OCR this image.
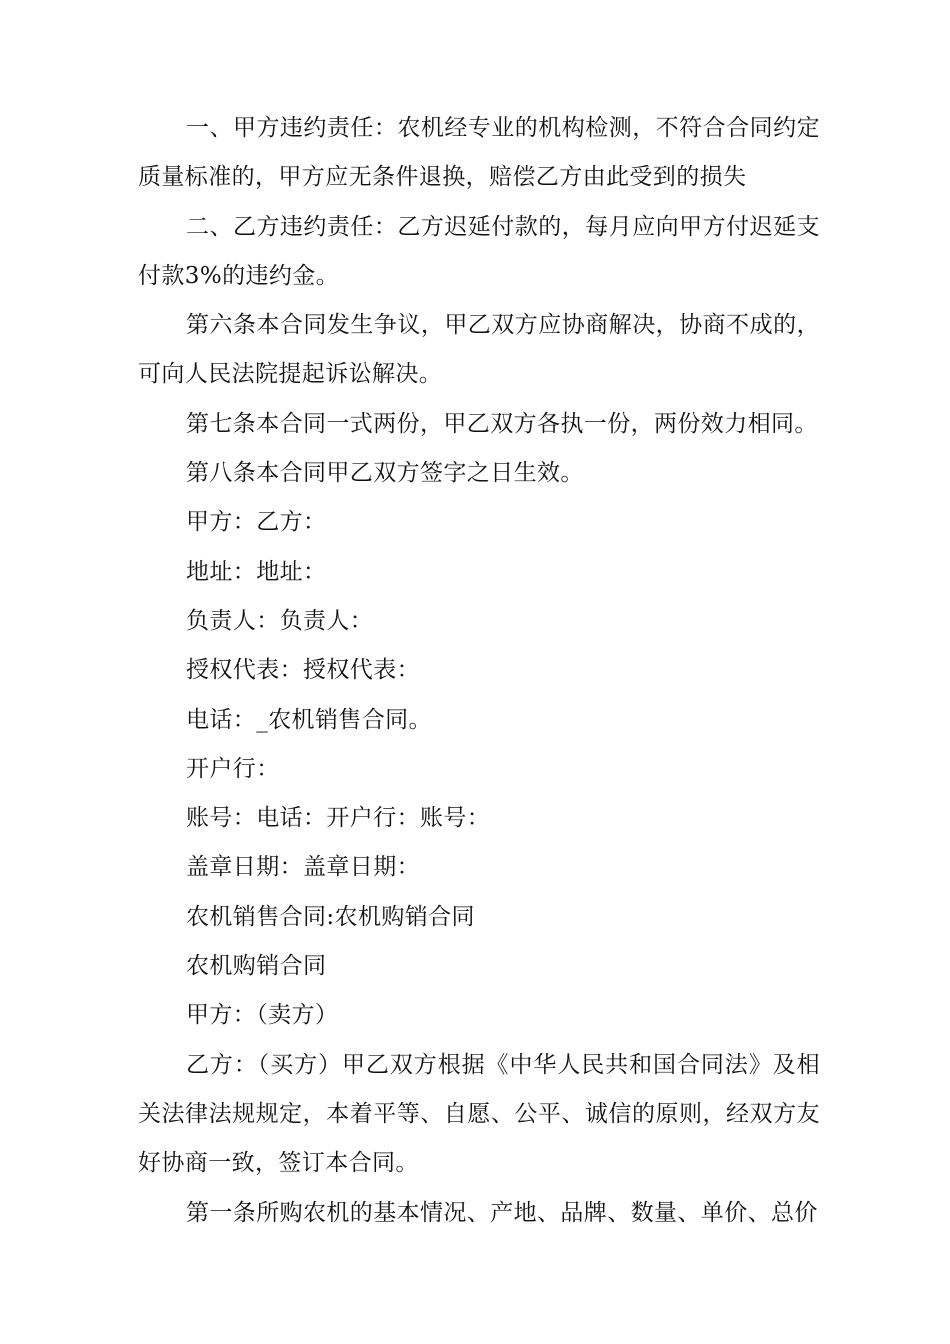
一、甲方违约责任：农机经专业的机构检测，不符合合同约定质量标准的，甲方应无条件退换，赔偿乙方由此受到的损失

二、乙方违约责任：乙方迟延付款的，每月应向甲方付迟延支付款3%的违约金。

第六条本合同发生争议，甲乙双方应协商解决，协商不成的，可向人民法院提起诉讼解决。

第七条本合同一式两份，甲乙双方各执一份，两份效力相同。

第八条本合同甲乙双方签字之日生效。

甲方：乙方：

地址：地址：

负责人：负责人：

授权代表：授权代表：

电话：_农机销售合同。

开户行：

账号：电话：开户行：账号：

盖章日期：盖章日期：

农机销售合同:农机购销合同

农机购销合同

甲方：（卖方）

乙方：（买方）甲乙双方根据《中华人民共和国合同法》及相关法律法规规定，本着平等、自愿、公平、诚信的原则，经双方友好协商一致，签订本合同。

第一条所购农机的基本情况、产地、品牌、数量、单价、总价
